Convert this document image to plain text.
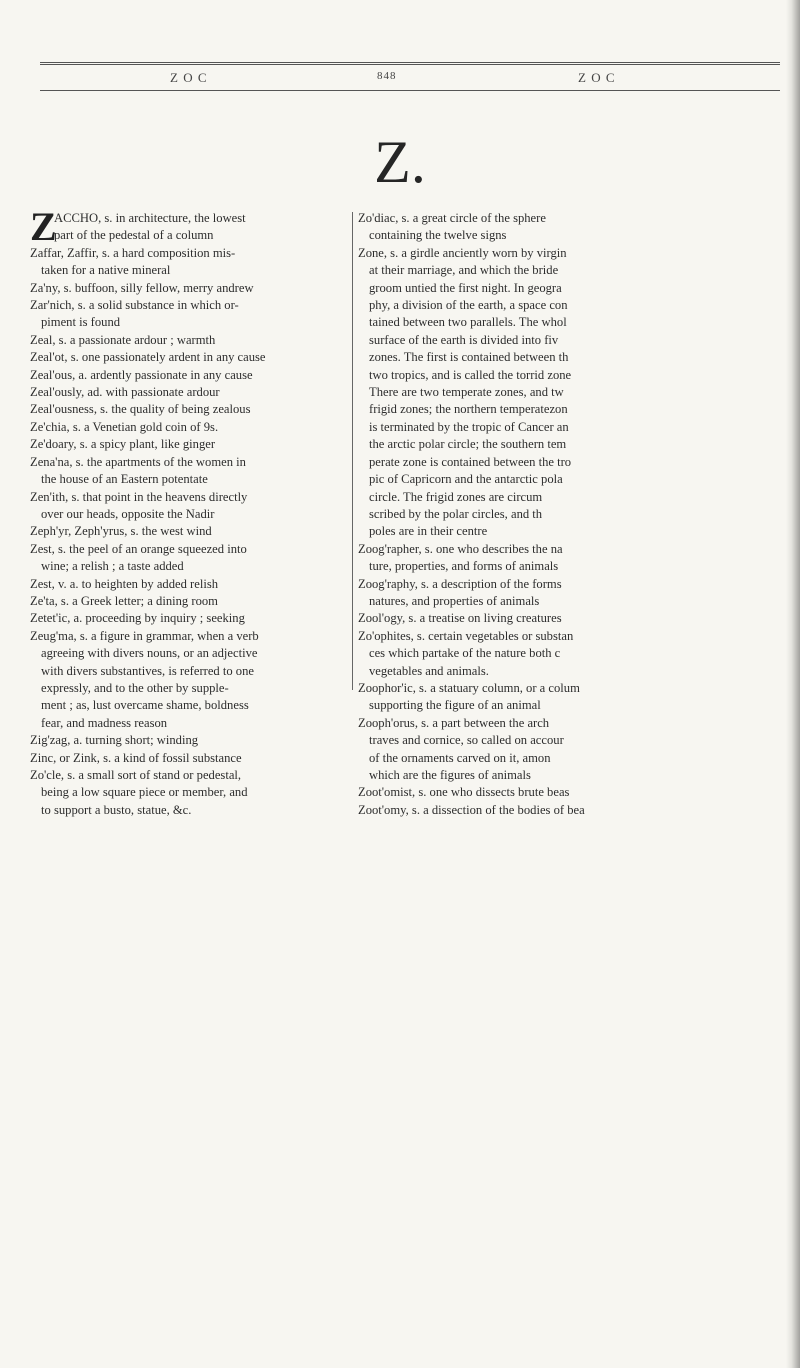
Z O C	848	Z O C
Z.
Z
ACCHO, s. in architecture, the lowest
part of the pedestal of a column
Zaffar, Zaffir, s. a hard composition mis-
taken for a native mineral
Za'ny, s. buffoon, silly fellow, merry andrew
Zar'nich, s. a solid substance in which or-
piment is found
Zeal, s. a passionate ardour ; warmth
Zeal'ot, s. one passionately ardent in any cause
Zeal'ous, a. ardently passionate in any cause
Zeal'ously, ad. with passionate ardour
Zeal'ousness, s. the quality of being zealous
Ze'chia, s. a Venetian gold coin of 9s.
Ze'doary, s. a spicy plant, like ginger
Zena'na, s. the apartments of the women in
the house of an Eastern potentate
Zen'ith, s. that point in the heavens directly
over our heads, opposite the Nadir
Zeph'yr, Zeph'yrus, s. the west wind
Zest, s. the peel of an orange squeezed into
wine; a relish ; a taste added
Zest, v. a. to heighten by added relish
Ze'ta, s. a Greek letter; a dining room
Zetet'ic, a. proceeding by inquiry ; seeking
Zeug'ma, s. a figure in grammar, when a verb
agreeing with divers nouns, or an adjective
with divers substantives, is referred to one
expressly, and to the other by supple-
ment ; as, lust overcame shame, boldness
fear, and madness reason
Zig'zag, a. turning short; winding
Zinc, or Zink, s. a kind of fossil substance
Zo'cle, s. a small sort of stand or pedestal,
being a low square piece or member, and
to support a busto, statue, &c.
Zo'diac, s. a great circle of the sphere
containing the twelve signs
Zone, s. a girdle anciently worn by virgin
at their marriage, and which the bride
groom untied the first night. In geogra
phy, a division of the earth, a space con
tained between two parallels. The whol
surface of the earth is divided into fiv
zones. The first is contained between th
two tropics, and is called the torrid zone
There are two temperate zones, and tw
frigid zones; the northern temperatezon
is terminated by the tropic of Cancer an
the arctic polar circle; the southern tem
perate zone is contained between the tro
pic of Capricorn and the antarctic pola
circle. The frigid zones are circum
scribed by the polar circles, and th
poles are in their centre
Zoog'rapher, s. one who describes the na
ture, properties, and forms of animals
Zoog'raphy, s. a description of the forms
natures, and properties of animals
Zool'ogy, s. a treatise on living creatures
Zo'ophites, s. certain vegetables or substan
ces which partake of the nature both c
vegetables and animals.
Zoophor'ic, s. a statuary column, or a colum
supporting the figure of an animal
Zooph'orus, s. a part between the arch
traves and cornice, so called on accour
of the ornaments carved on it, amon
which are the figures of animals
Zoot'omist, s. one who dissects brute beas
Zoot'omy, s. a dissection of the bodies of bea
